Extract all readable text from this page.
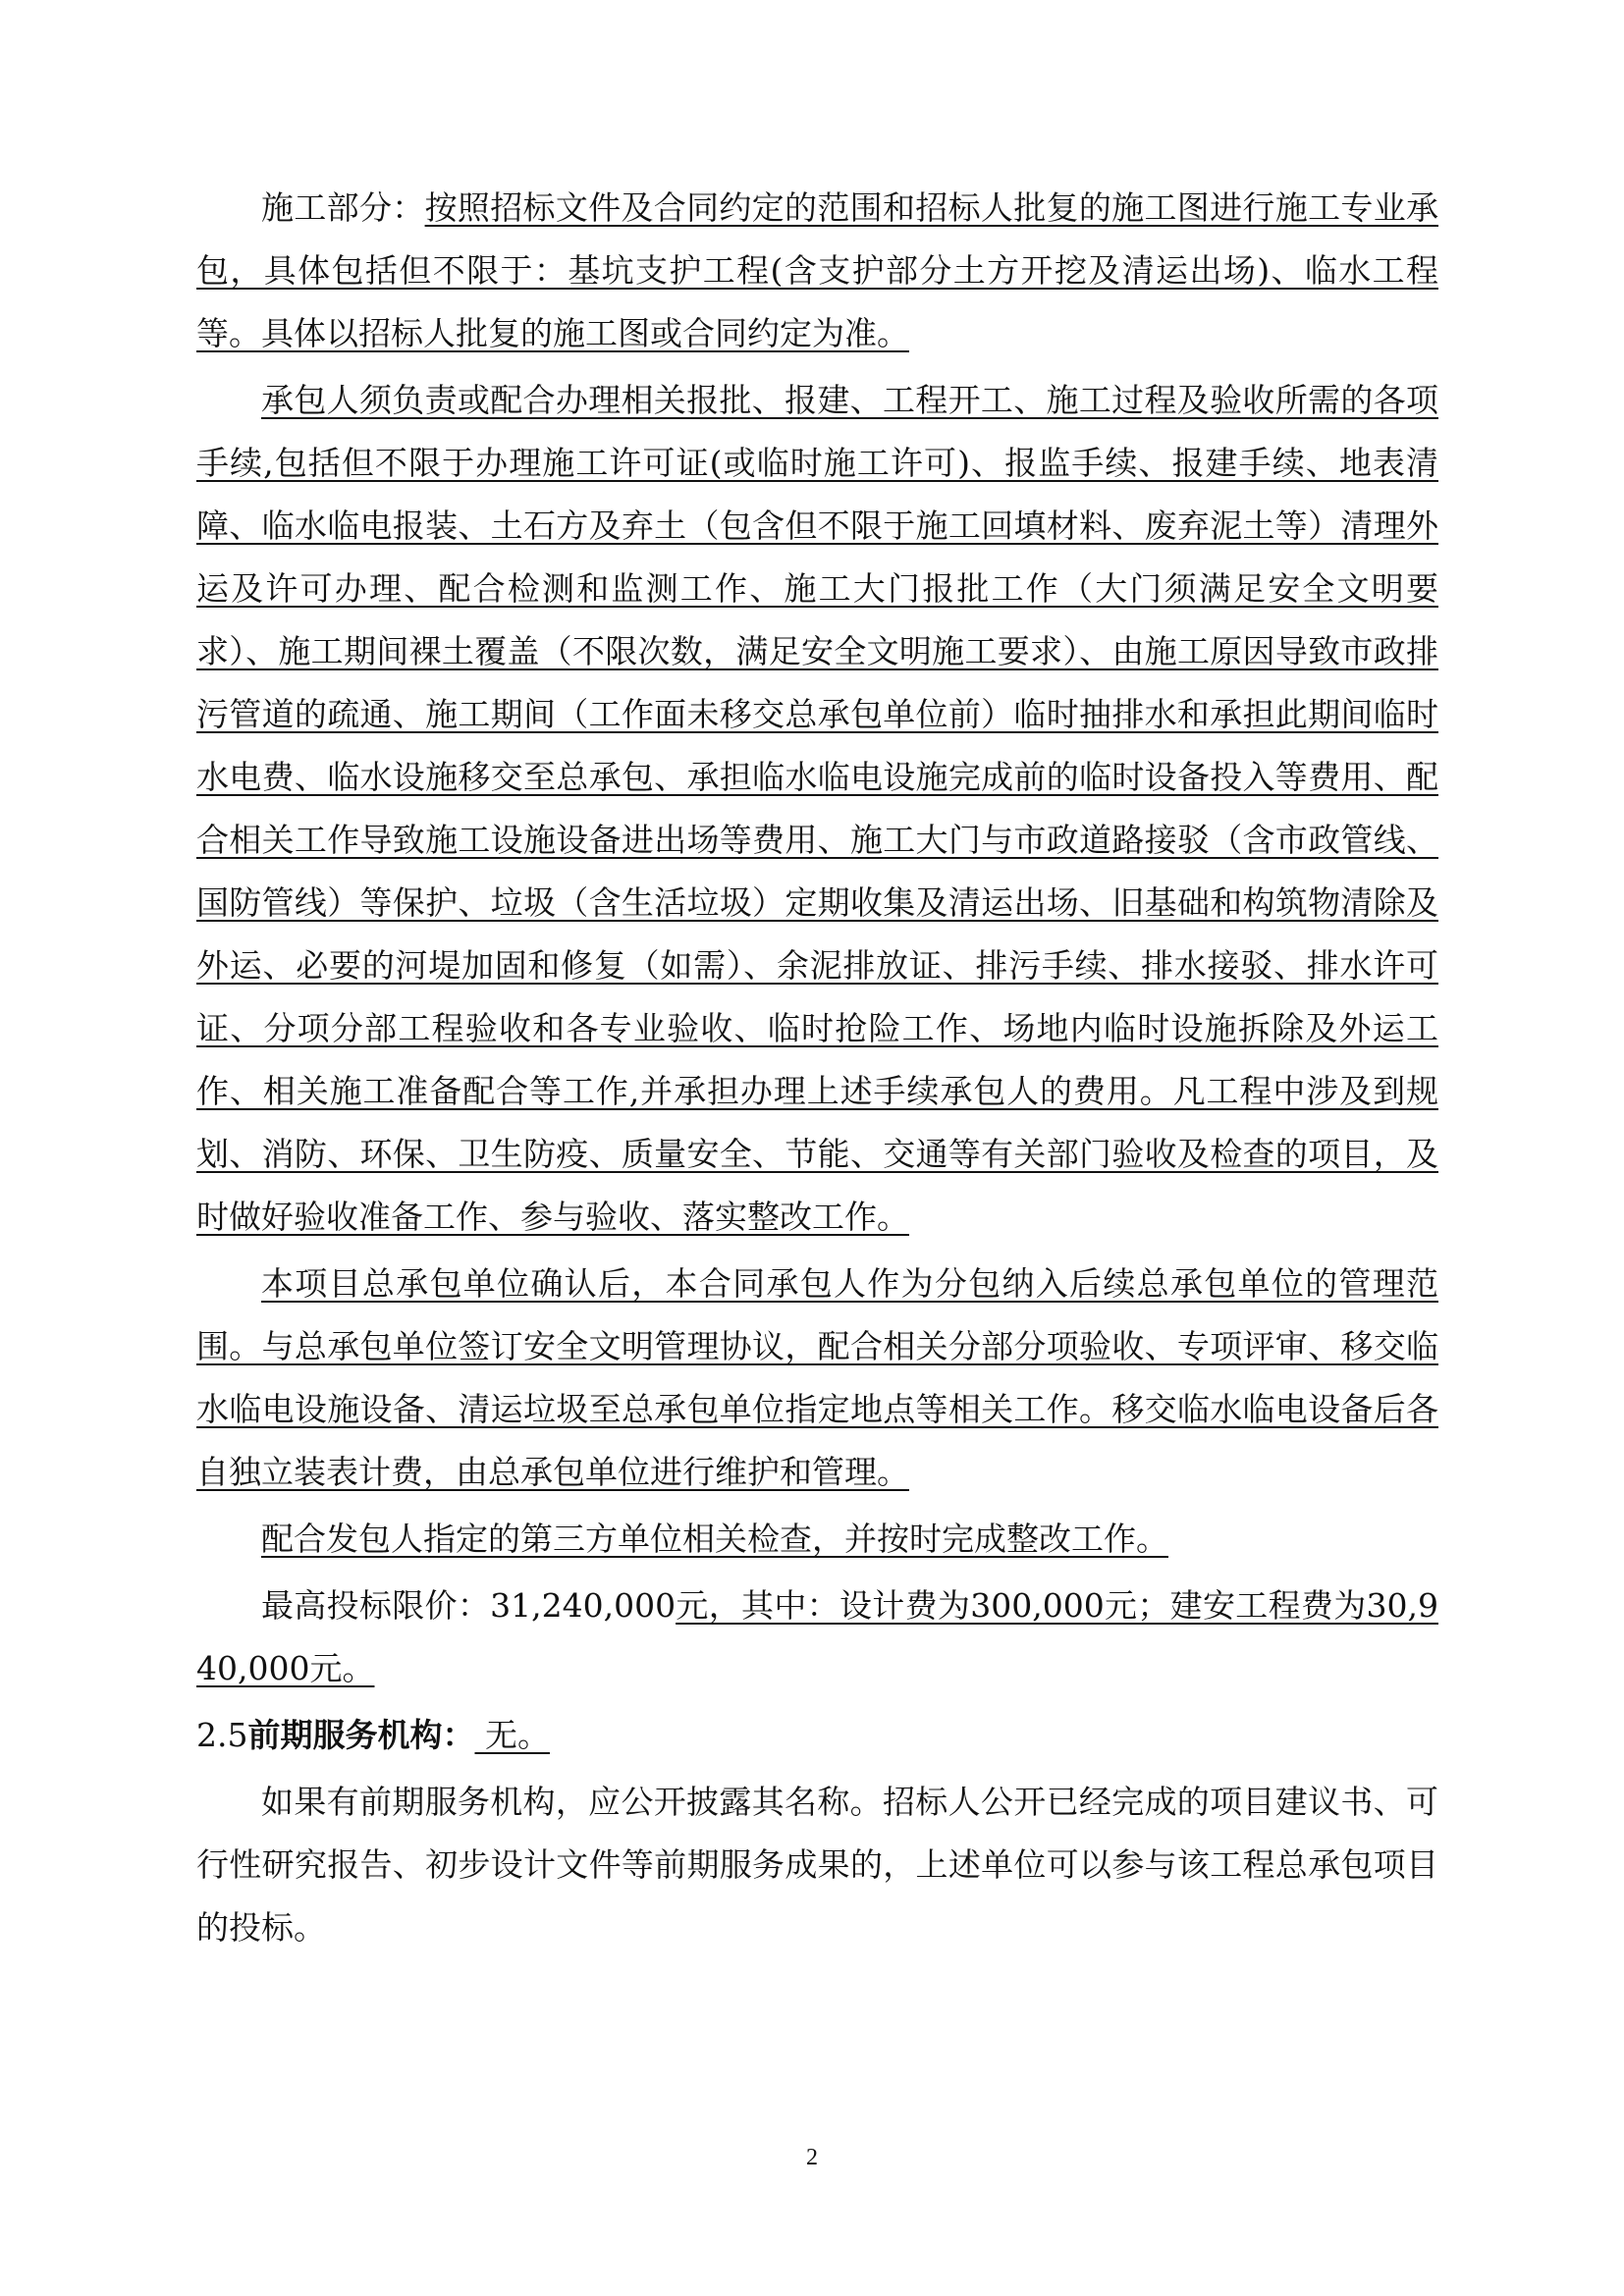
施工部分：按照招标文件及合同约定的范围和招标人批复的施工图进行施工专业承包，具体包括但不限于：基坑支护工程(含支护部分土方开挖及清运出场)、临水工程等。具体以招标人批复的施工图或合同约定为准。

承包人须负责或配合办理相关报批、报建、工程开工、施工过程及验收所需的各项手续,包括但不限于办理施工许可证(或临时施工许可)、报监手续、报建手续、地表清障、临水临电报装、土石方及弃土（包含但不限于施工回填材料、废弃泥土等）清理外运及许可办理、配合检测和监测工作、施工大门报批工作（大门须满足安全文明要求）、施工期间裸土覆盖（不限次数，满足安全文明施工要求）、由施工原因导致市政排污管道的疏通、施工期间（工作面未移交总承包单位前）临时抽排水和承担此期间临时水电费、临水设施移交至总承包、承担临水临电设施完成前的临时设备投入等费用、配合相关工作导致施工设施设备进出场等费用、施工大门与市政道路接驳（含市政管线、国防管线）等保护、垃圾（含生活垃圾）定期收集及清运出场、旧基础和构筑物清除及外运、必要的河堤加固和修复（如需）、余泥排放证、排污手续、排水接驳、排水许可证、分项分部工程验收和各专业验收、临时抢险工作、场地内临时设施拆除及外运工作、相关施工准备配合等工作,并承担办理上述手续承包人的费用。凡工程中涉及到规划、消防、环保、卫生防疫、质量安全、节能、交通等有关部门验收及检查的项目，及时做好验收准备工作、参与验收、落实整改工作。

本项目总承包单位确认后，本合同承包人作为分包纳入后续总承包单位的管理范围。与总承包单位签订安全文明管理协议，配合相关分部分项验收、专项评审、移交临水临电设施设备、清运垃圾至总承包单位指定地点等相关工作。移交临水临电设备后各自独立装表计费，由总承包单位进行维护和管理。

配合发包人指定的第三方单位相关检查，并按时完成整改工作。

最高投标限价：31,240,000元，其中：设计费为300,000元；建安工程费为30,940,000元。

2.5前期服务机构： 无。

如果有前期服务机构，应公开披露其名称。招标人公开已经完成的项目建议书、可行性研究报告、初步设计文件等前期服务成果的，上述单位可以参与该工程总承包项目的投标。

2
